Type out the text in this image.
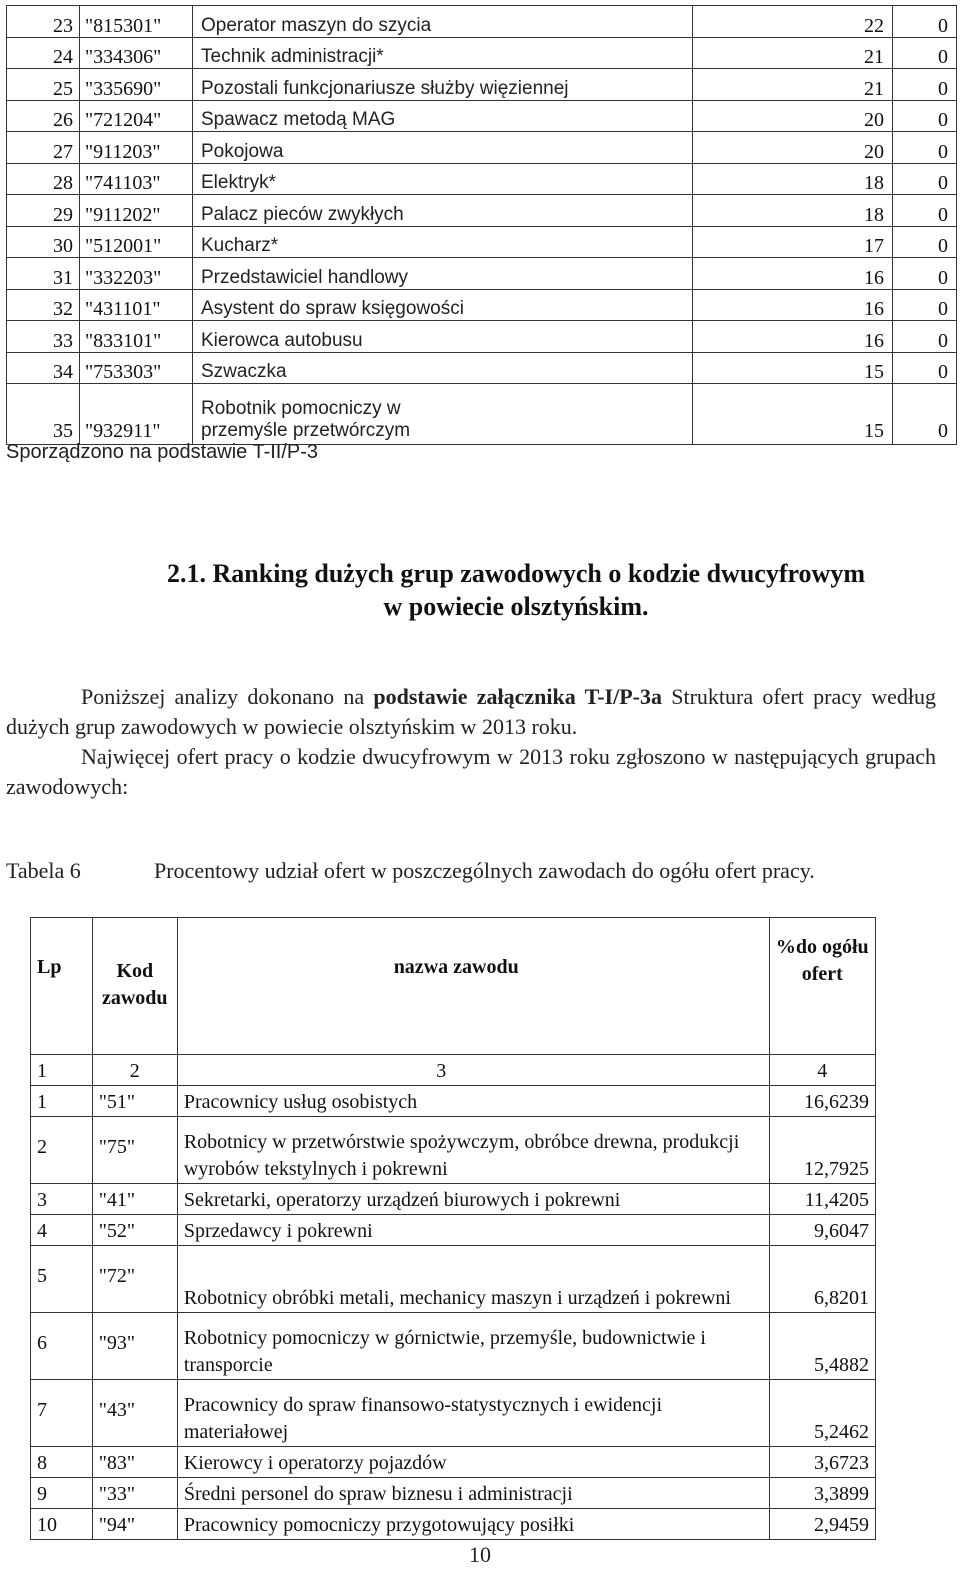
23	"815301"	Operator maszyn do szycia	22	0
24	"334306"	Technik administracji*	21	0
25	"335690"	Pozostali funkcjonariusze służby więziennej	21	0
26	"721204"	Spawacz metodą MAG	20	0
27	"911203"	Pokojowa	20	0
28	"741103"	Elektryk*	18	0
29	"911202"	Palacz pieców zwykłych	18	0
30	"512001"	Kucharz*	17	0
31	"332203"	Przedstawiciel handlowy	16	0
32	"431101"	Asystent do spraw księgowości	16	0
33	"833101"	Kierowca autobusu	16	0
34	"753303"	Szwaczka	15	0
35	"932911"	Robotnik pomocniczy w przemyśle przetwórczym	15	0
Sporządzono na podstawie T-II/P-3
2.1. Ranking dużych grup zawodowych o kodzie dwucyfrowym
w powiecie olsztyńskim.

Poniższej analizy dokonano na podstawie załącznika T-I/P-3a Struktura ofert pracy według dużych grup zawodowych w powiecie olsztyńskim w 2013 roku.

Najwięcej ofert pracy o kodzie dwucyfrowym w 2013 roku zgłoszono w następujących grupach zawodowych:

Tabela 6	Procentowy udział ofert w poszczególnych zawodach do ogółu ofert pracy.
Lp	Kod zawodu	nazwa zawodu	%do ogółu ofert
1	2	3	4
1	"51"	Pracownicy usług osobistych	16,6239
2	"75"	Robotnicy w przetwórstwie spożywczym, obróbce drewna, produkcji wyrobów tekstylnych i pokrewni	12,7925
3	"41"	Sekretarki, operatorzy urządzeń biurowych i pokrewni	11,4205
4	"52"	Sprzedawcy i pokrewni	9,6047
5	"72"	Robotnicy obróbki metali, mechanicy maszyn i urządzeń i pokrewni	6,8201
6	"93"	Robotnicy pomocniczy w górnictwie, przemyśle, budownictwie i transporcie	5,4882
7	"43"	Pracownicy do spraw finansowo-statystycznych i ewidencji materiałowej	5,2462
8	"83"	Kierowcy i operatorzy pojazdów	3,6723
9	"33"	Średni personel do spraw biznesu i administracji	3,3899
10	"94"	Pracownicy pomocniczy przygotowujący posiłki	2,9459
10
